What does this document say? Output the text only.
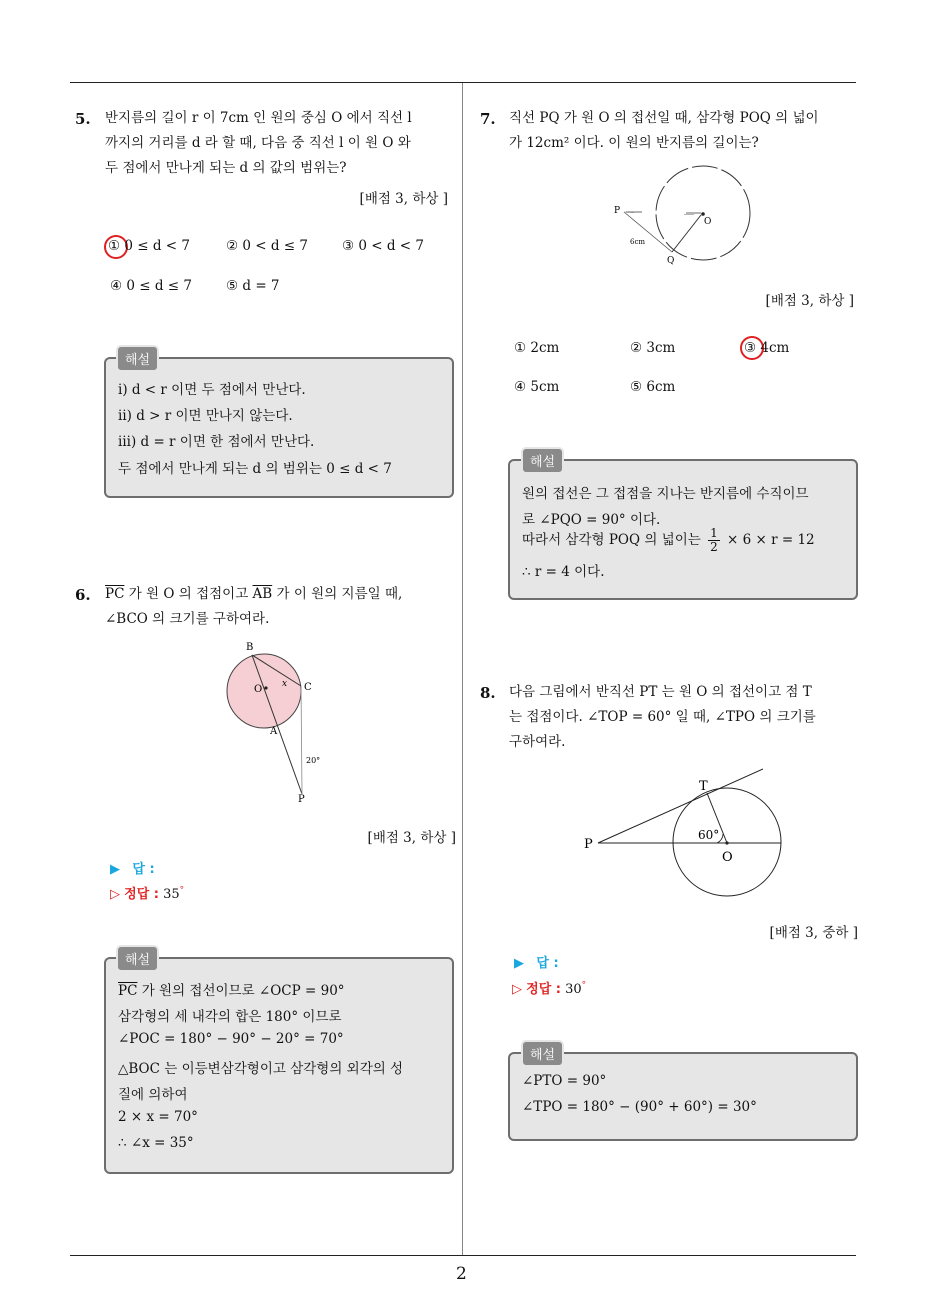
2
5. 반지름의 길이 r 이 7cm 인 원의 중심 O 에서 직선 l
까지의 거리를 d 라 할 때, 다음 중 직선 l 이 원 O 와
두 점에서 만나게 되는 d 의 값의 범위는?
[배점 3, 하상 ]
① 0 ≤ d < 7	② 0 < d ≤ 7	③ 0 < d < 7
④ 0 ≤ d ≤ 7	⑤ d = 7
해설
ⅰ) d < r 이면 두 점에서 만난다.
ⅱ) d > r 이면 만나지 않는다.
ⅲ) d = r 이면 한 점에서 만난다.
두 점에서 만나게 되는 d 의 범위는 0 ≤ d < 7
6. $\overline{PC}$ 가 원 O 의 접점이고 $\overline{AB}$ 가 이 원의 지름일 때,
∠BCO 의 크기를 구하여라.
B
O x C
A
20°
P
[배점 3, 하상 ]
▶ 답 :
▷ 정답 : 35°
해설
$\overline{PC}$ 가 원의 접선이므로 ∠OCP = 90°
삼각형의 세 내각의 합은 180° 이므로
∠POC = 180° − 90° − 20° = 70°
△BOC 는 이등변삼각형이고 삼각형의 외각의 성
질에 의하여
2 × x = 70°
∴ ∠x = 35°
7. 직선 PQ 가 원 O 의 접선일 때, 삼각형 POQ 의 넓이
가 12cm² 이다. 이 원의 반지름의 길이는?
P
O
6cm
Q
[배점 3, 하상 ]
① 2cm	② 3cm	③ 4cm
④ 5cm	⑤ 6cm
해설
원의 접선은 그 접점을 지나는 반지름에 수직이므
로 ∠PQO = 90° 이다.
따라서 삼각형 POQ 의 넓이는 $\frac{1}{2} \times 6 \times r = 12$
∴ r = 4 이다.
8. 다음 그림에서 반직선 PT 는 원 O 의 접선이고 점 T
는 접점이다. ∠TOP = 60° 일 때, ∠TPO 의 크기를
구하여라.
T
P
60°
O
[배점 3, 중하 ]
▶ 답 :
▷ 정답 : 30°
해설
∠PTO = 90°
∠TPO = 180° − (90° + 60°) = 30°
